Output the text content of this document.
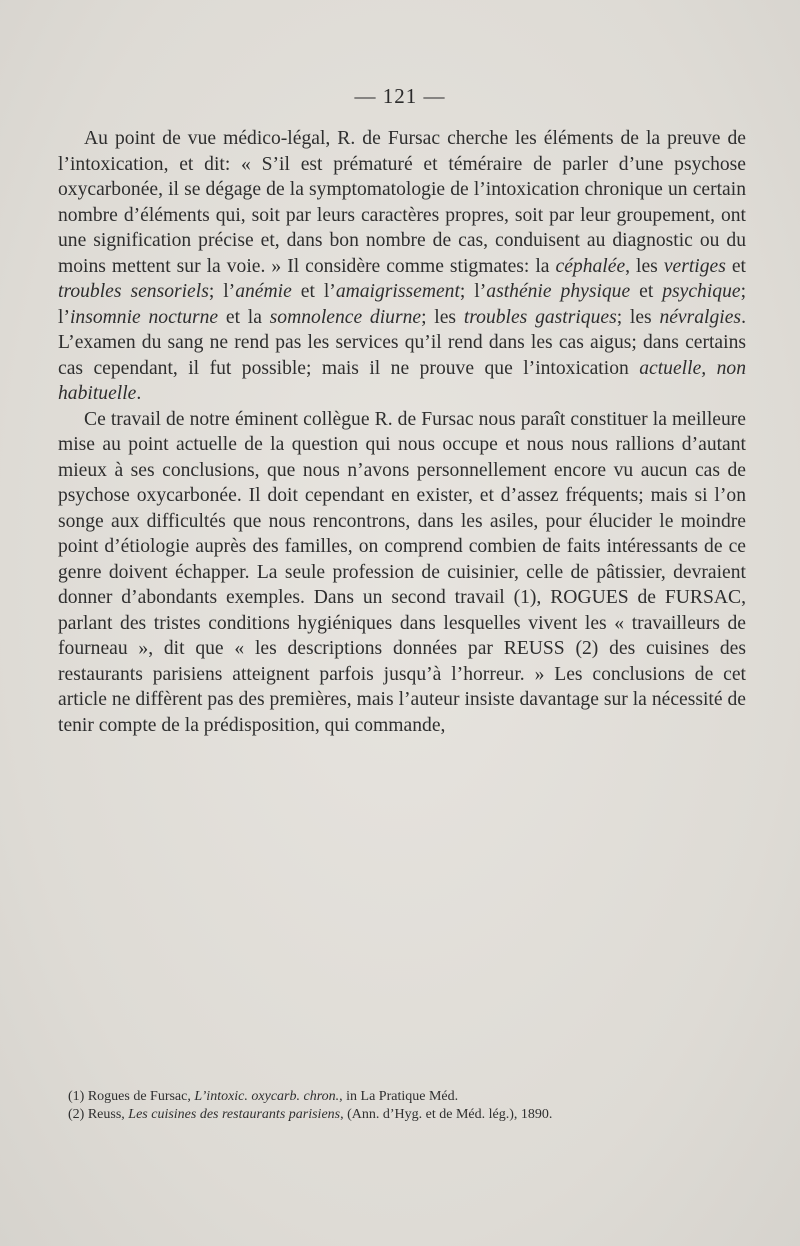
— 121 —

Au point de vue médico-légal, R. de Fursac cherche les éléments de la preuve de l’intoxication, et dit: « S’il est prématuré et téméraire de parler d’une psychose oxycarbonée, il se dégage de la symptomatologie de l’intoxication chronique un certain nombre d’éléments qui, soit par leurs caractères propres, soit par leur groupement, ont une signification précise et, dans bon nombre de cas, conduisent au diagnostic ou du moins mettent sur la voie. » Il considère comme stigmates: la céphalée, les vertiges et troubles sensoriels; l’anémie et l’amaigrissement; l’asthénie physique et psychique; l’insomnie nocturne et la somnolence diurne; les troubles gastriques; les névralgies. L’examen du sang ne rend pas les services qu’il rend dans les cas aigus; dans certains cas cependant, il fut possible; mais il ne prouve que l’intoxication actuelle, non habituelle.

Ce travail de notre éminent collègue R. de Fursac nous paraît constituer la meilleure mise au point actuelle de la question qui nous occupe et nous nous rallions d’autant mieux à ses conclusions, que nous n’avons personnellement encore vu aucun cas de psychose oxycarbonée. Il doit cependant en exister, et d’assez fréquents; mais si l’on songe aux difficultés que nous rencontrons, dans les asiles, pour élucider le moindre point d’étiologie auprès des familles, on comprend combien de faits intéressants de ce genre doivent échapper. La seule profession de cuisinier, celle de pâtissier, devraient donner d’abondants exemples. Dans un second travail (1), ROGUES de FURSAC, parlant des tristes conditions hygiéniques dans lesquelles vivent les « travailleurs de fourneau », dit que « les descriptions données par REUSS (2) des cuisines des restaurants parisiens atteignent parfois jusqu’à l’horreur. » Les conclusions de cet article ne diffèrent pas des premières, mais l’auteur insiste davantage sur la nécessité de tenir compte de la prédisposition, qui commande,

(1) Rogues de Fursac, L’intoxic. oxycarb. chron., in La Pratique Méd.

(2) Reuss, Les cuisines des restaurants parisiens, (Ann. d’Hyg. et de Méd. lég.), 1890.
